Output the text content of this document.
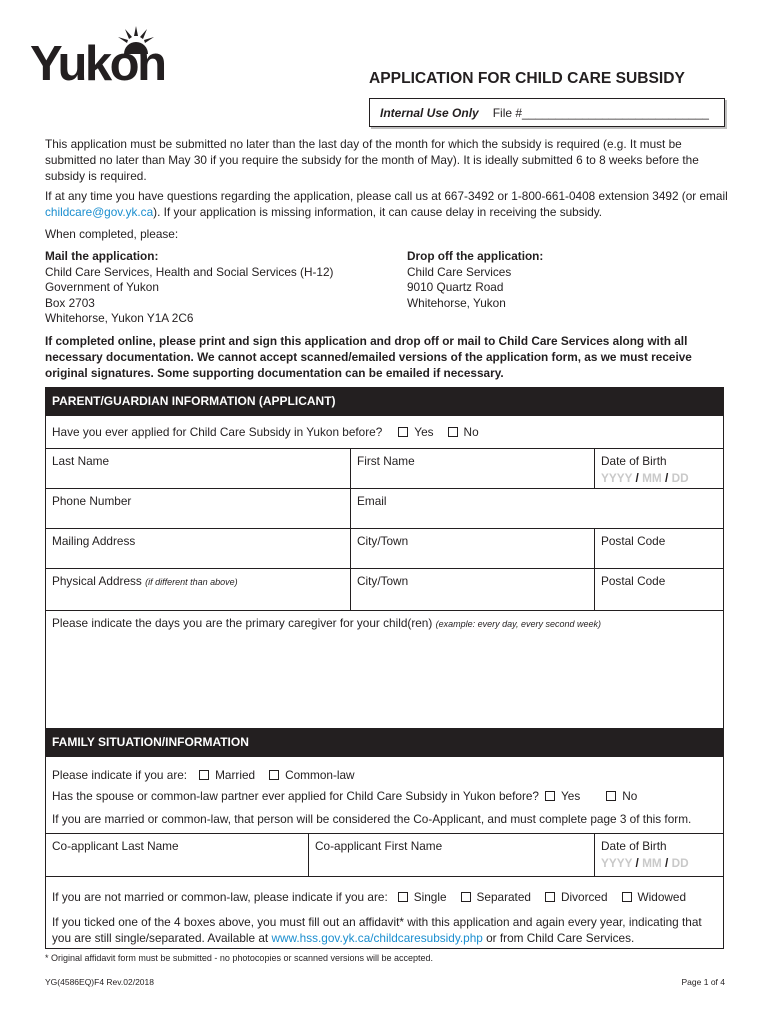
Yukon	APPLICATION FOR CHILD CARE SUBSIDY
Internal Use Only File #____________________________
This application must be submitted no later than the last day of the month for which the subsidy is required (e.g. It must be submitted no later than May 30 if you require the subsidy for the month of May). It is ideally submitted 6 to 8 weeks before the subsidy is required.
If at any time you have questions regarding the application, please call us at 667-3492 or 1-800-661-0408 extension 3492 (or email childcare@gov.yk.ca). If your application is missing information, it can cause delay in receiving the subsidy.
When completed, please:
Mail the application:
Child Care Services, Health and Social Services (H-12)
Government of Yukon
Box 2703
Whitehorse, Yukon Y1A 2C6
Drop off the application:
Child Care Services
9010 Quartz Road
Whitehorse, Yukon
If completed online, please print and sign this application and drop off or mail to Child Care Services along with all necessary documentation. We cannot accept scanned/emailed versions of the application form, as we must receive original signatures. Some supporting documentation can be emailed if necessary.
PARENT/GUARDIAN INFORMATION (APPLICANT)
Have you ever applied for Child Care Subsidy in Yukon before?	Yes	No
Last Name	First Name	Date of Birth
YYYY / MM / DD
Phone Number	Email
Mailing Address	City/Town	Postal Code
Physical Address (if different than above)	City/Town	Postal Code
Please indicate the days you are the primary caregiver for your child(ren) (example: every day, every second week)
FAMILY SITUATION/INFORMATION
Please indicate if you are: Married	Common-law
Has the spouse or common-law partner ever applied for Child Care Subsidy in Yukon before? Yes	No
If you are married or common-law, that person will be considered the Co-Applicant, and must complete page 3 of this form.
Co-applicant Last Name	Co-applicant First Name	Date of Birth
YYYY / MM / DD
If you are not married or common-law, please indicate if you are: Single	Separated	Divorced	Widowed
If you ticked one of the 4 boxes above, you must fill out an affidavit* with this application and again every year, indicating that you are still single/separated. Available at www.hss.gov.yk.ca/childcaresubsidy.php or from Child Care Services.
* Original affidavit form must be submitted - no photocopies or scanned versions will be accepted.
YG(4586EQ)F4 Rev.02/2018	Page 1 of 4
